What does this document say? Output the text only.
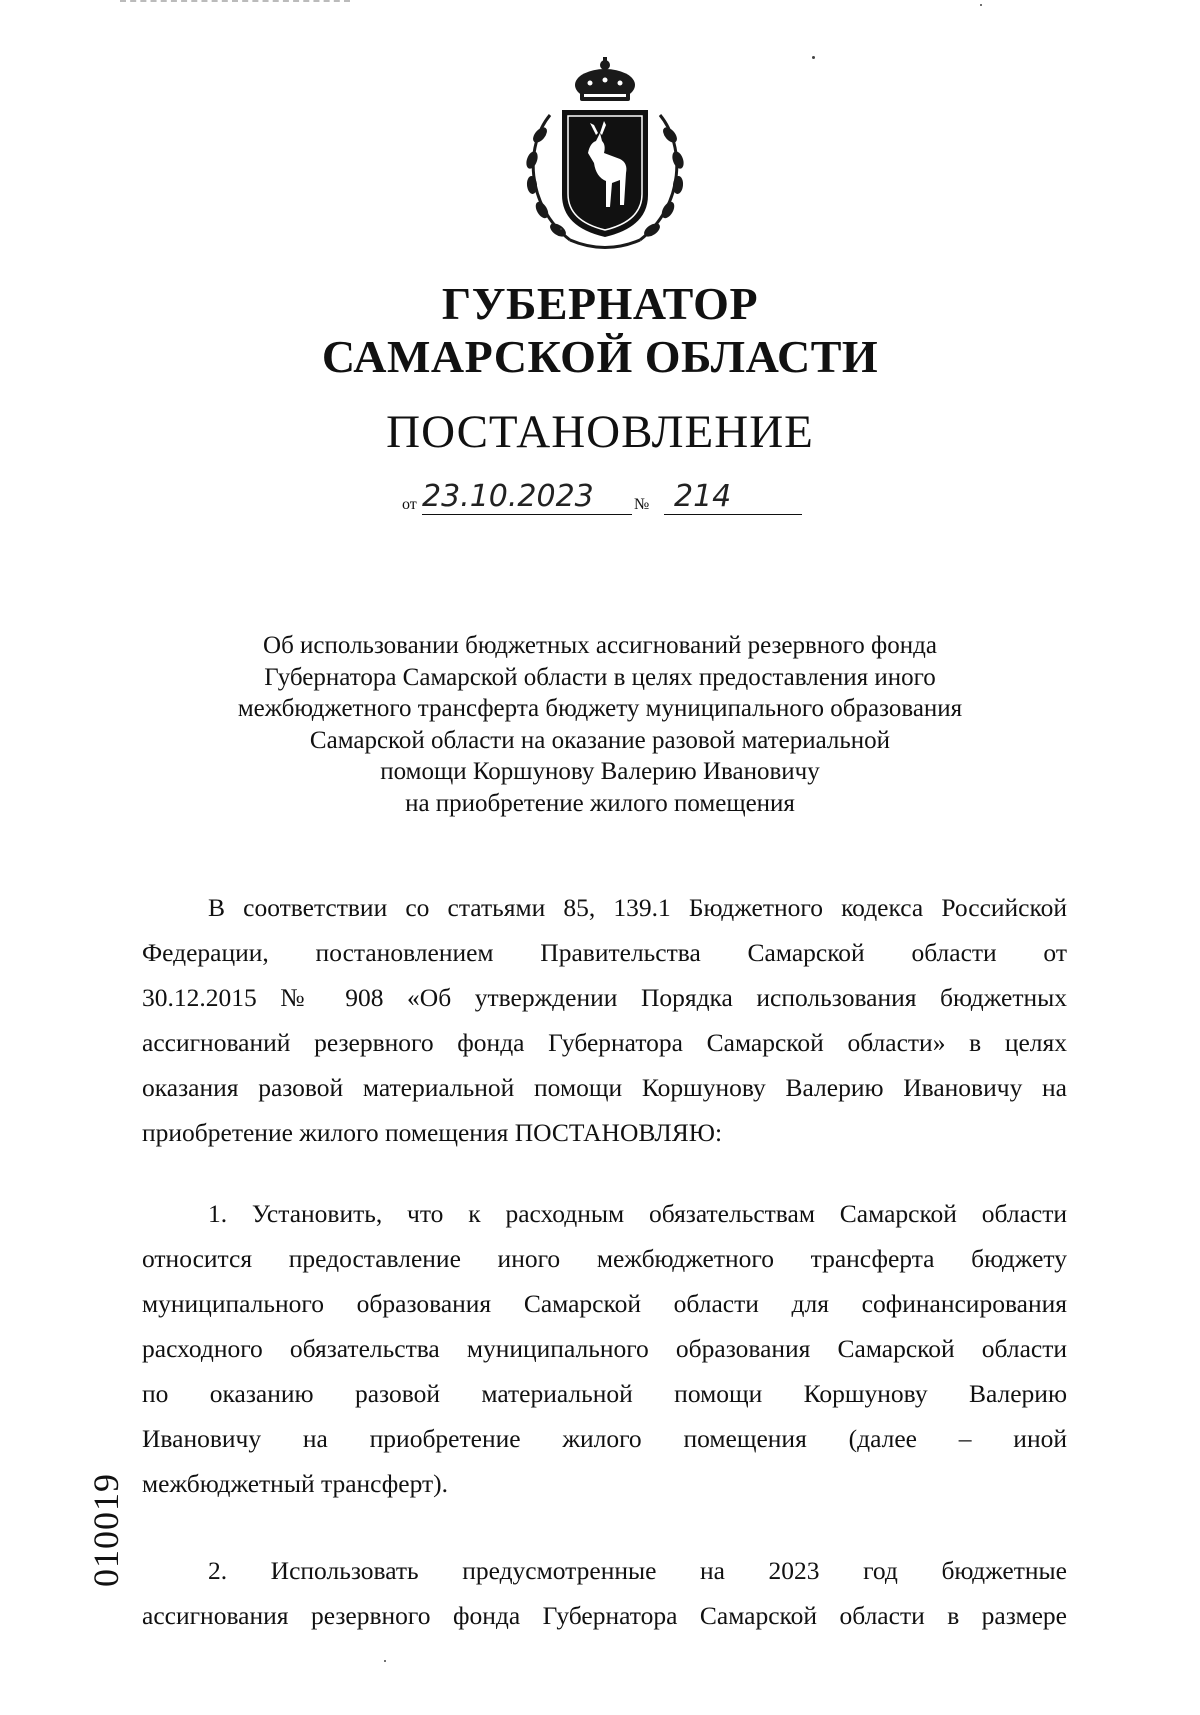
ГУБЕРНАТОР
САМАРСКОЙ ОБЛАСТИ
ПОСТАНОВЛЕНИЕ
от 23.10.2023	№ 214
Об использовании бюджетных ассигнований резервного фонда
Губернатора Самарской области в целях предоставления иного
межбюджетного трансферта бюджету муниципального образования
Самарской области на оказание разовой материальной
помощи Коршунову Валерию Ивановичу
на приобретение жилого помещения
В соответствии со статьями 85, 139.1 Бюджетного кодекса Российской
Федерации, постановлением Правительства Самарской области от
30.12.2015 № 908 «Об утверждении Порядка использования бюджетных
ассигнований резервного фонда Губернатора Самарской области» в целях
оказания разовой материальной помощи Коршунову Валерию Ивановичу на
приобретение жилого помещения ПОСТАНОВЛЯЮ:
1. Установить, что к расходным обязательствам Самарской области
относится предоставление иного межбюджетного трансферта бюджету
муниципального образования Самарской области для софинансирования
расходного обязательства муниципального образования Самарской области
по оказанию разовой материальной помощи Коршунову Валерию
Ивановичу на приобретение жилого помещения (далее – иной
межбюджетный трансферт).
2. Использовать предусмотренные на 2023 год бюджетные
ассигнования резервного фонда Губернатора Самарской области в размере
010019
